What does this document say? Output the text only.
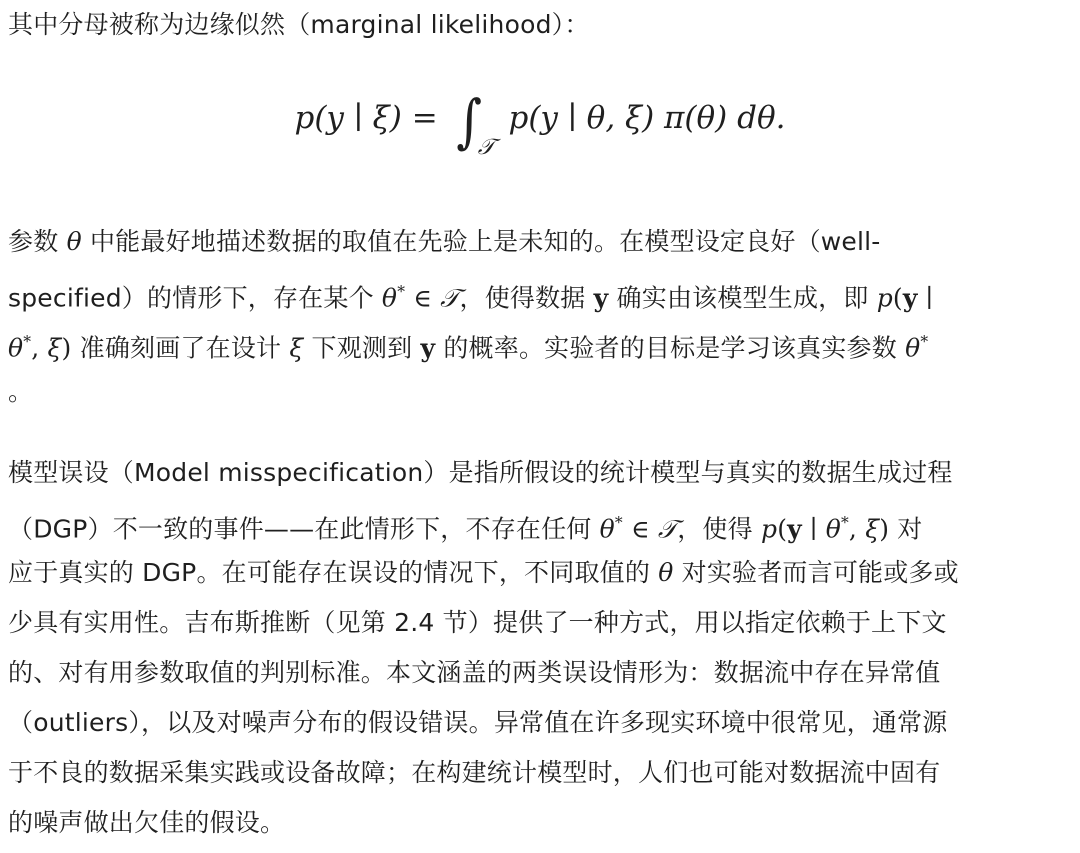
其中分母被称为边缘似然（marginal likelihood）：
p(y ∣ ξ) = ∫𝒯 p(y ∣ θ, ξ) π(θ) dθ.
参数 θ 中能最好地描述数据的取值在先验上是未知的。在模型设定良好（well-
specified）的情形下，存在某个 θ* ∈ 𝒯，使得数据 y 确实由该模型生成，即 p(y ∣
θ*, ξ) 准确刻画了在设计 ξ 下观测到 y 的概率。实验者的目标是学习该真实参数 θ*
。
模型误设（Model misspecification）是指所假设的统计模型与真实的数据生成过程
（DGP）不一致的事件——在此情形下，不存在任何 θ* ∈ 𝒯，使得 p(y ∣ θ*, ξ) 对
应于真实的 DGP。在可能存在误设的情况下，不同取值的 θ 对实验者而言可能或多或
少具有实用性。吉布斯推断（见第 2.4 节）提供了一种方式，用以指定依赖于上下文
的、对有用参数取值的判别标准。本文涵盖的两类误设情形为：数据流中存在异常值
（outliers），以及对噪声分布的假设错误。异常值在许多现实环境中很常见，通常源
于不良的数据采集实践或设备故障；在构建统计模型时，人们也可能对数据流中固有
的噪声做出欠佳的假设。
